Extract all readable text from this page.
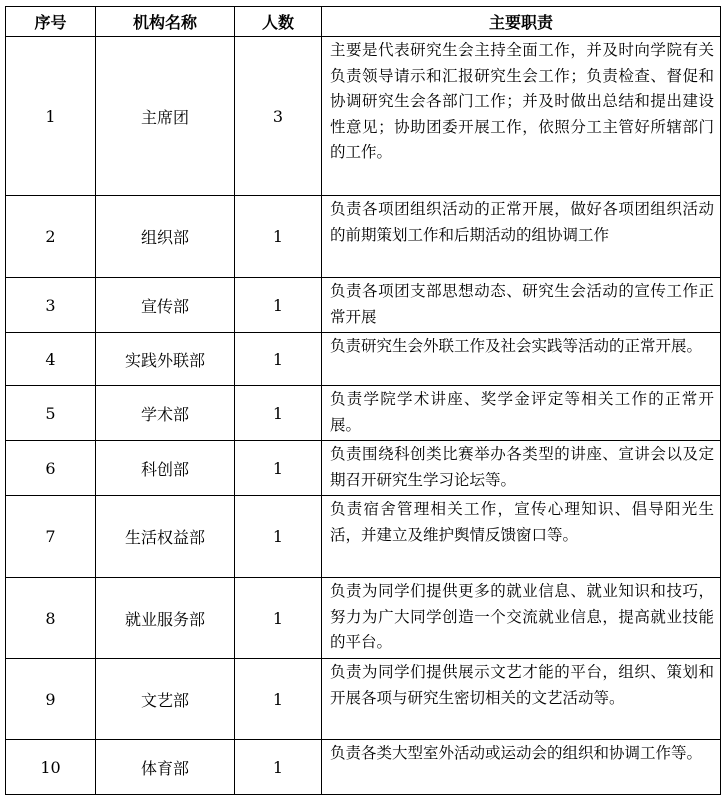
序号	机构名称	人数	主要职责
1	主席团	3	主要是代表研究生会主持全面工作，并及时向学院有关负责领导请示和汇报研究生会工作；负责检查、督促和协调研究生会各部门工作；并及时做出总结和提出建设性意见；协助团委开展工作，依照分工主管好所辖部门的工作。
2	组织部	1	负责各项团组织活动的正常开展，做好各项团组织活动的前期策划工作和后期活动的组协调工作
3	宣传部	1	负责各项团支部思想动态、研究生会活动的宣传工作正常开展
4	实践外联部	1	负责研究生会外联工作及社会实践等活动的正常开展。
5	学术部	1	负责学院学术讲座、奖学金评定等相关工作的正常开展。
6	科创部	1	负责围绕科创类比赛举办各类型的讲座、宣讲会以及定期召开研究生学习论坛等。
7	生活权益部	1	负责宿舍管理相关工作，宣传心理知识、倡导阳光生活，并建立及维护舆情反馈窗口等。
8	就业服务部	1	负责为同学们提供更多的就业信息、就业知识和技巧，努力为广大同学创造一个交流就业信息，提高就业技能的平台。
9	文艺部	1	负责为同学们提供展示文艺才能的平台，组织、策划和开展各项与研究生密切相关的文艺活动等。
10	体育部	1	负责各类大型室外活动或运动会的组织和协调工作等。
